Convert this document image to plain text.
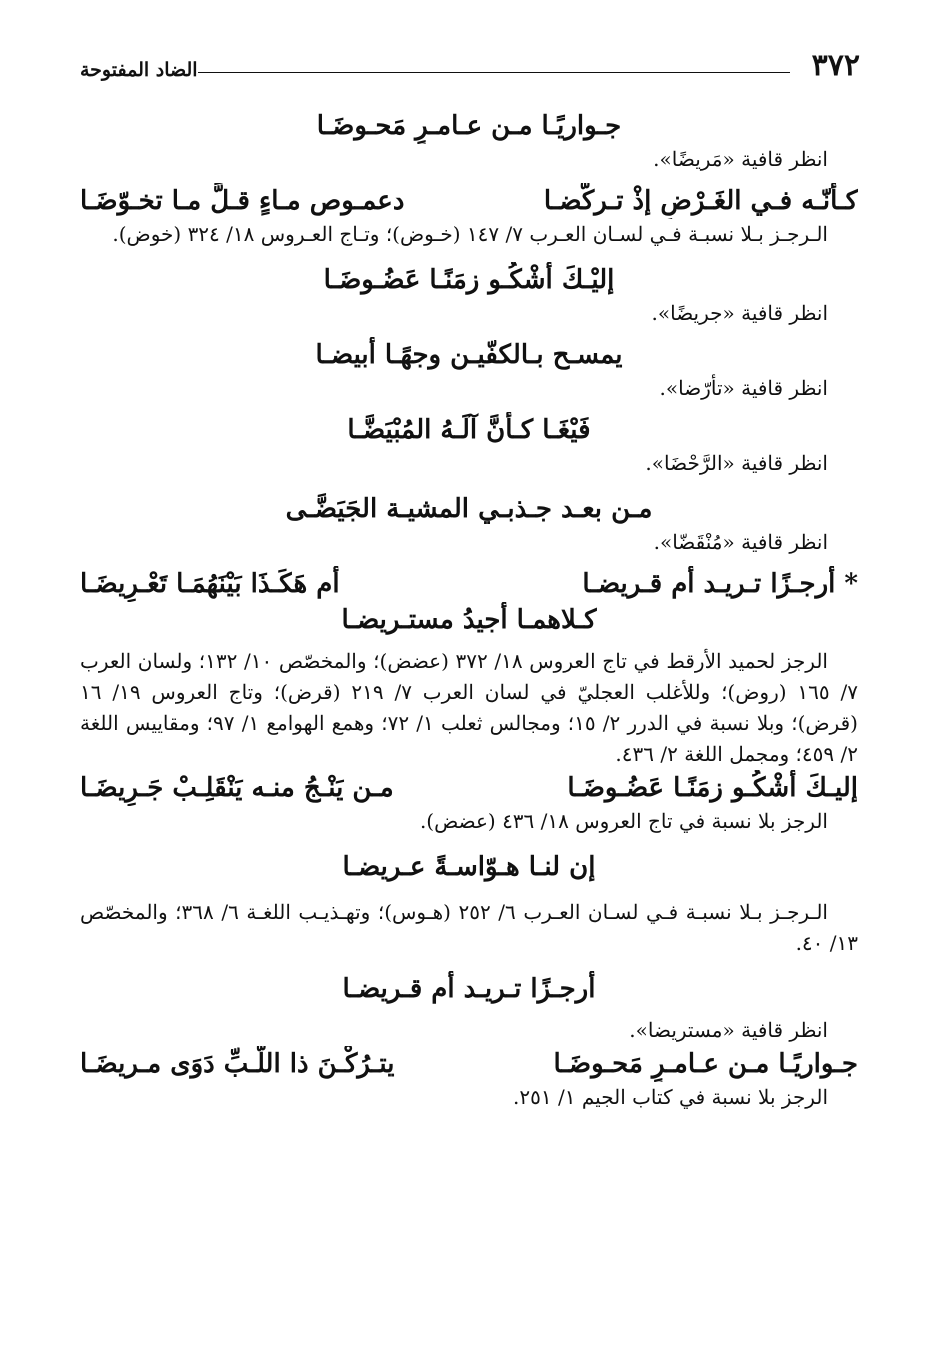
٣٧٢
الضاد المفتوحة
جـواريًـا مـن عـامـرٍ مَحـوضَـا
انظر قافية «مَريضًا».
كـأنّـه فـي الغَـرْضِ إذْ تـركّضـا
دعمـوص مـاءٍ قـلَّ مـا تخـوّضَـا
الـرجـز بـلا نسبـة فـي لسـان العـرب ٧/ ١٤٧ (خـوض)؛ وتـاج العـروس ١٨/ ٣٢٤ (خوض).
إليْـكَ أشْكُـو زمَنًـا عَضُـوضَـا
انظر قافية «جريضًا».
يمسـح بـالكفّيـن وجهًـا أبيضـا
انظر قافية «تأرّضا».
فَيْغَـا كـأَنَّ آلَـهُ المُبْيَضَّـا
انظر قافية «الرَّحْضَا».
مـن بعـد جـذبـي المشيـة الجَيَضَّـى
انظر قافية «مُنْقَضّا».
* أرجـزًا تـريـد أم قـريضـا
أم هَكَـذَا بَيْنَهُمَـا تَعْـرِيضَـا
كـلاهمـا أُجيدُ مستـريضـا
الرجز لحميد الأرقط في تاج العروس ١٨/ ٣٧٢ (عضض)؛ والمخصّص ١٠/ ١٣٢؛ ولسان العرب ٧/ ١٦٥ (روض)؛ وللأغلب العجليّ في لسان العرب ٧/ ٢١٩ (قرض)؛ وتاج العروس ١٩/ ١٦ (قرض)؛ وبلا نسبة في الدرر ٢/ ١٥؛ ومجالس ثعلب ١/ ٧٢؛ وهمع الهوامع ١/ ٩٧؛ ومقاييس اللغة ٢/ ٤٥٩؛ ومجمل اللغة ٢/ ٤٣٦.
إليـكَ أشْكُـو زمَنًـا عَضُـوضَـا
مـن يَنْـجُ منـه يَنْقَلِـبْ جَـرِيضَـا
الرجز بلا نسبة في تاج العروس ١٨/ ٤٣٦ (عضض).
إن لنـا هـوّاسـةً عـريضـا
الـرجـز بـلا نسبـة فـي لسـان العـرب ٦/ ٢٥٢ (هـوس)؛ وتهـذيـب اللغـة ٦/ ٣٦٨؛ والمخصّص ١٣/ ٤٠.
أرجـزًا تـريـد أم قـريضـا
انظر قافية «مستريضا».
جـواريًـا مـن عـامـرٍ مَحـوضَـا
يتـرُكْـنَ ذا اللُّـبِّ دَوَى مـريضَـا
الرجز بلا نسبة في كتاب الجيم ١/ ٢٥١.
